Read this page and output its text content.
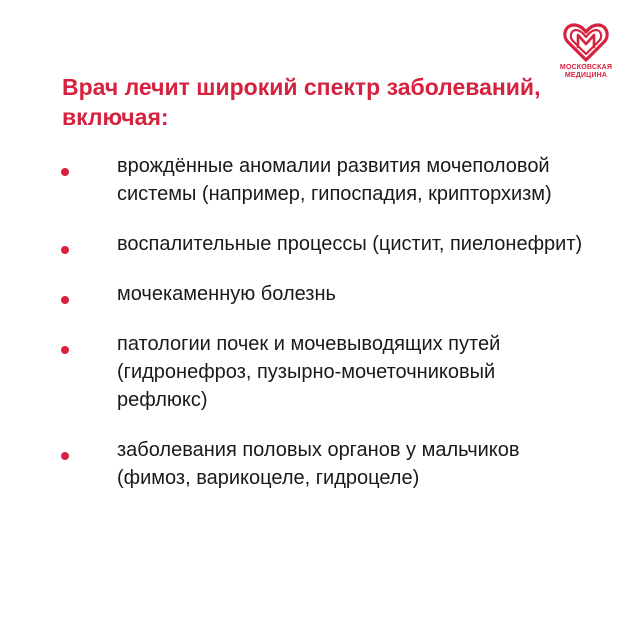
МОСКОВСКАЯ
МЕДИЦИНА
Врач лечит широкий спектр заболеваний, включая:
врождённые аномалии развития мочеполовой системы (например, гипоспадия, крипторхизм)
воспалительные процессы (цистит, пиелонефрит)
мочекаменную болезнь
патологии почек и мочевыводящих путей (гидронефроз, пузырно-мочеточниковый рефлюкс)
заболевания половых органов у мальчиков (фимоз, варикоцеле, гидроцеле)
